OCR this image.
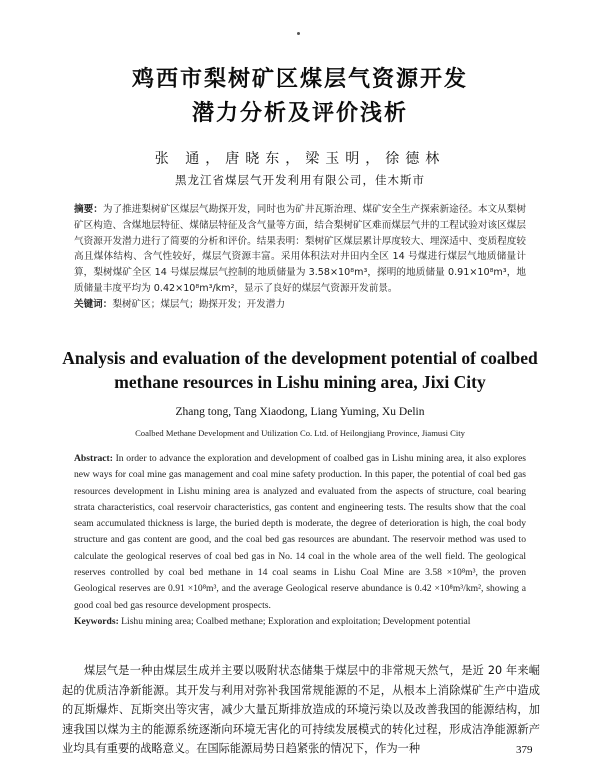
鸡西市梨树矿区煤层气资源开发
潜力分析及评价浅析
张 通，唐晓东，梁玉明，徐德林
黑龙江省煤层气开发利用有限公司，佳木斯市
摘要：为了推进梨树矿区煤层气勘探开发，同时也为矿井瓦斯治理、煤矿安全生产探索新途径。本文从梨树矿区构造、含煤地层特征、煤储层特征及含气量等方面，结合梨树矿区难而煤层气井的工程试验对该区煤层气资源开发潜力进行了简要的分析和评价。结果表明：梨树矿区煤层累计厚度较大、埋深适中、变质程度较高且煤体结构、含气性较好，煤层气资源丰富。采用体积法对井田内全区 14 号煤进行煤层气地质储量计算，梨树煤矿全区 14 号煤层煤层气控制的地质储量为 3.58×10⁸m³，探明的地质储量 0.91×10⁸m³，地质储量丰度平均为 0.42×10⁸m³/km²，显示了良好的煤层气资源开发前景。
关键词：梨树矿区；煤层气；勘探开发；开发潜力
Analysis and evaluation of the development potential of coalbed
methane resources in Lishu mining area, Jixi City
Zhang tong, Tang Xiaodong, Liang Yuming, Xu Delin
Coalbed Methane Development and Utilization Co. Ltd. of Heilongjiang Province, Jiamusi City
Abstract: In order to advance the exploration and development of coalbed gas in Lishu mining area, it also explores new ways for coal mine gas management and coal mine safety production. In this paper, the potential of coal bed gas resources development in Lishu mining area is analyzed and evaluated from the aspects of structure, coal bearing strata characteristics, coal reservoir characteristics, gas content and engineering tests. The results show that the coal seam accumulated thickness is large, the buried depth is moderate, the degree of deterioration is high, the coal body structure and gas content are good, and the coal bed gas resources are abundant. The reservoir method was used to calculate the geological reserves of coal bed gas in No. 14 coal in the whole area of the well field. The geological reserves controlled by coal bed methane in 14 coal seams in Lishu Coal Mine are 3.58 ×10⁸m³, the proven Geological reserves are 0.91 ×10⁸m³, and the average Geological reserve abundance is 0.42 ×10⁸m³/km², showing a good coal bed gas resource development prospects.
Keywords: Lishu mining area; Coalbed methane; Exploration and exploitation; Development potential
煤层气是一种由煤层生成并主要以吸附状态储集于煤层中的非常规天然气，是近 20 年来崛起的优质洁净新能源。其开发与利用对弥补我国常规能源的不足，从根本上消除煤矿生产中造成的瓦斯爆炸、瓦斯突出等灾害，减少大量瓦斯排放造成的环境污染以及改善我国的能源结构，加速我国以煤为主的能源系统逐渐向环境无害化的可持续发展模式的转化过程，形成洁净能源新产业均具有重要的战略意义。在国际能源局势日趋紧张的情况下，作为一种	379
